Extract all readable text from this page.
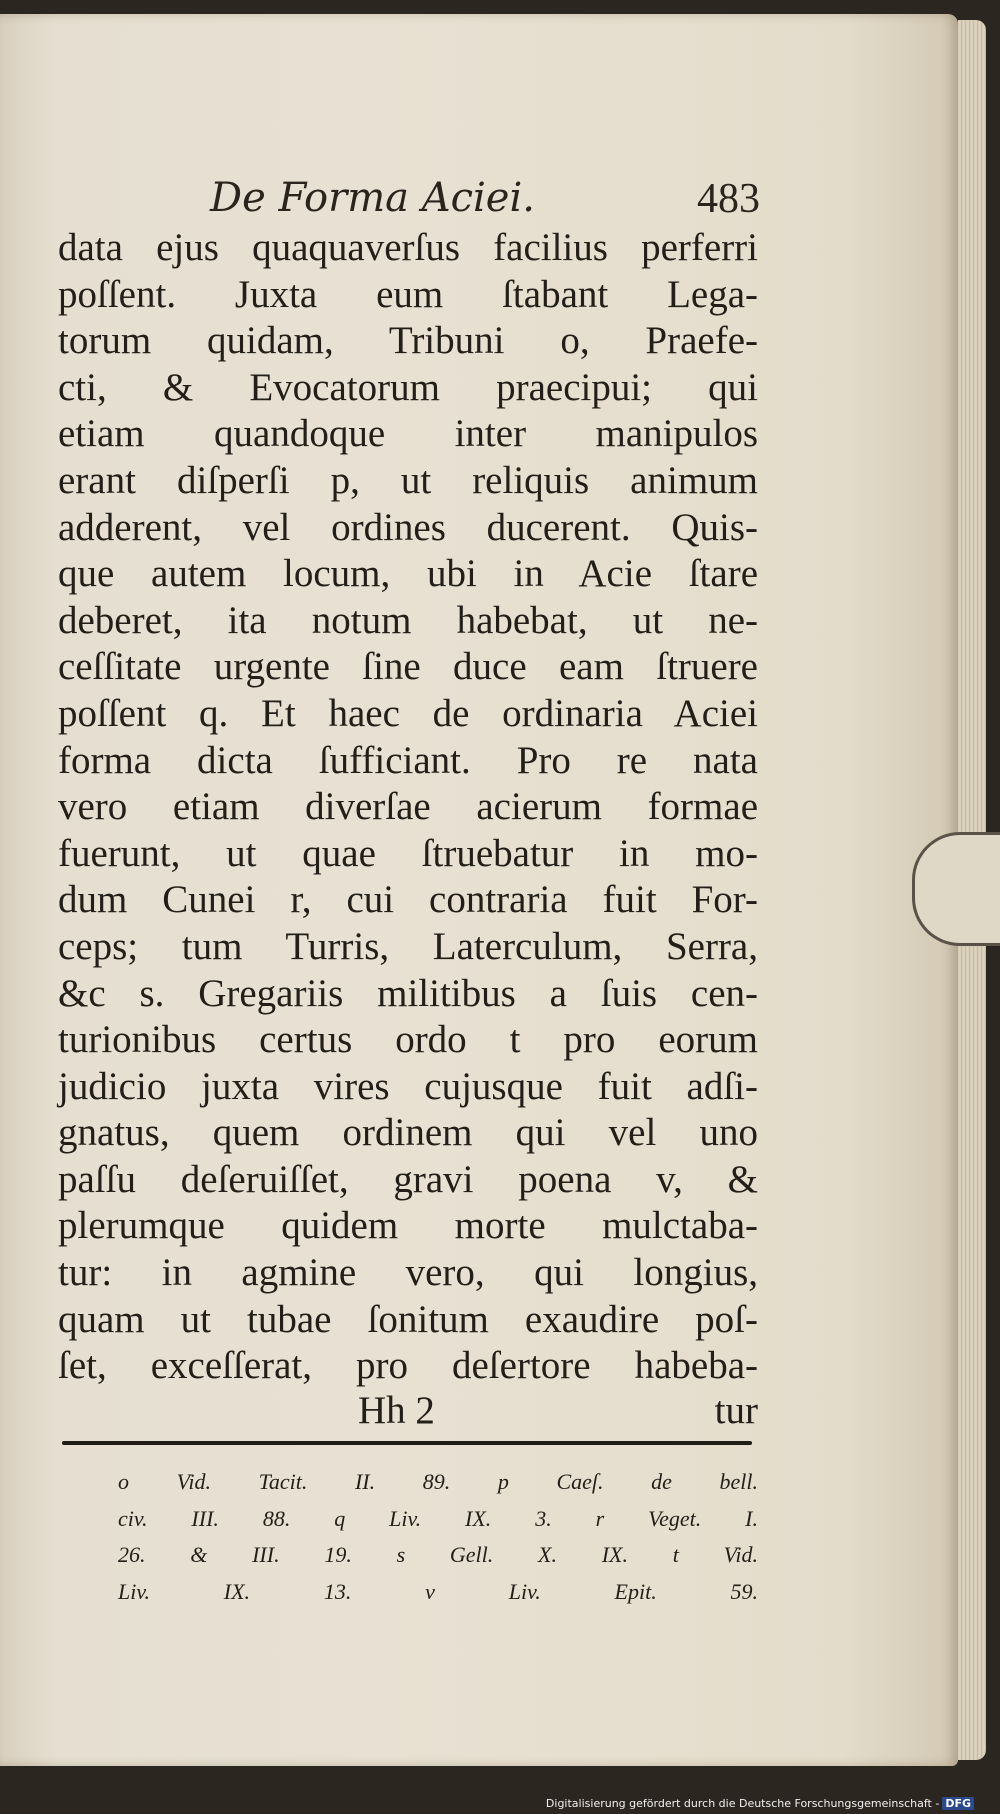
De Forma Aciei.	483
data ejus quaquaverſus facilius perferri
poſſent. Juxta eum ſtabant Lega-
torum quidam, Tribuni o, Praefe-
cti, & Evocatorum praecipui; qui
etiam quandoque inter manipulos
erant diſperſi p, ut reliquis animum
adderent, vel ordines ducerent. Quis-
que autem locum, ubi in Acie ſtare
deberet, ita notum habebat, ut ne-
ceſſitate urgente ſine duce eam ſtruere
poſſent q. Et haec de ordinaria Aciei
forma dicta ſufficiant. Pro re nata
vero etiam diverſae acierum formae
fuerunt, ut quae ſtruebatur in mo-
dum Cunei r, cui contraria fuit For-
ceps; tum Turris, Laterculum, Serra,
&c s. Gregariis militibus a ſuis cen-
turionibus certus ordo t pro eorum
judicio juxta vires cujusque fuit adſi-
gnatus, quem ordinem qui vel uno
paſſu deſeruiſſet, gravi poena v, &
plerumque quidem morte mulctaba-
tur: in agmine vero, qui longius,
quam ut tubae ſonitum exaudire poſ-
ſet, exceſſerat, pro deſertore habeba-
Hh 2	tur
o Vid. Tacit. II. 89. p Caeſ. de bell.
civ. III. 88. q Liv. IX. 3. r Veget. I.
26. & III. 19. s Gell. X. IX. t Vid.
Liv. IX. 13. v Liv. Epit. 59.
Digitalisierung gefördert durch die Deutsche Forschungsgemeinschaft - DFG
